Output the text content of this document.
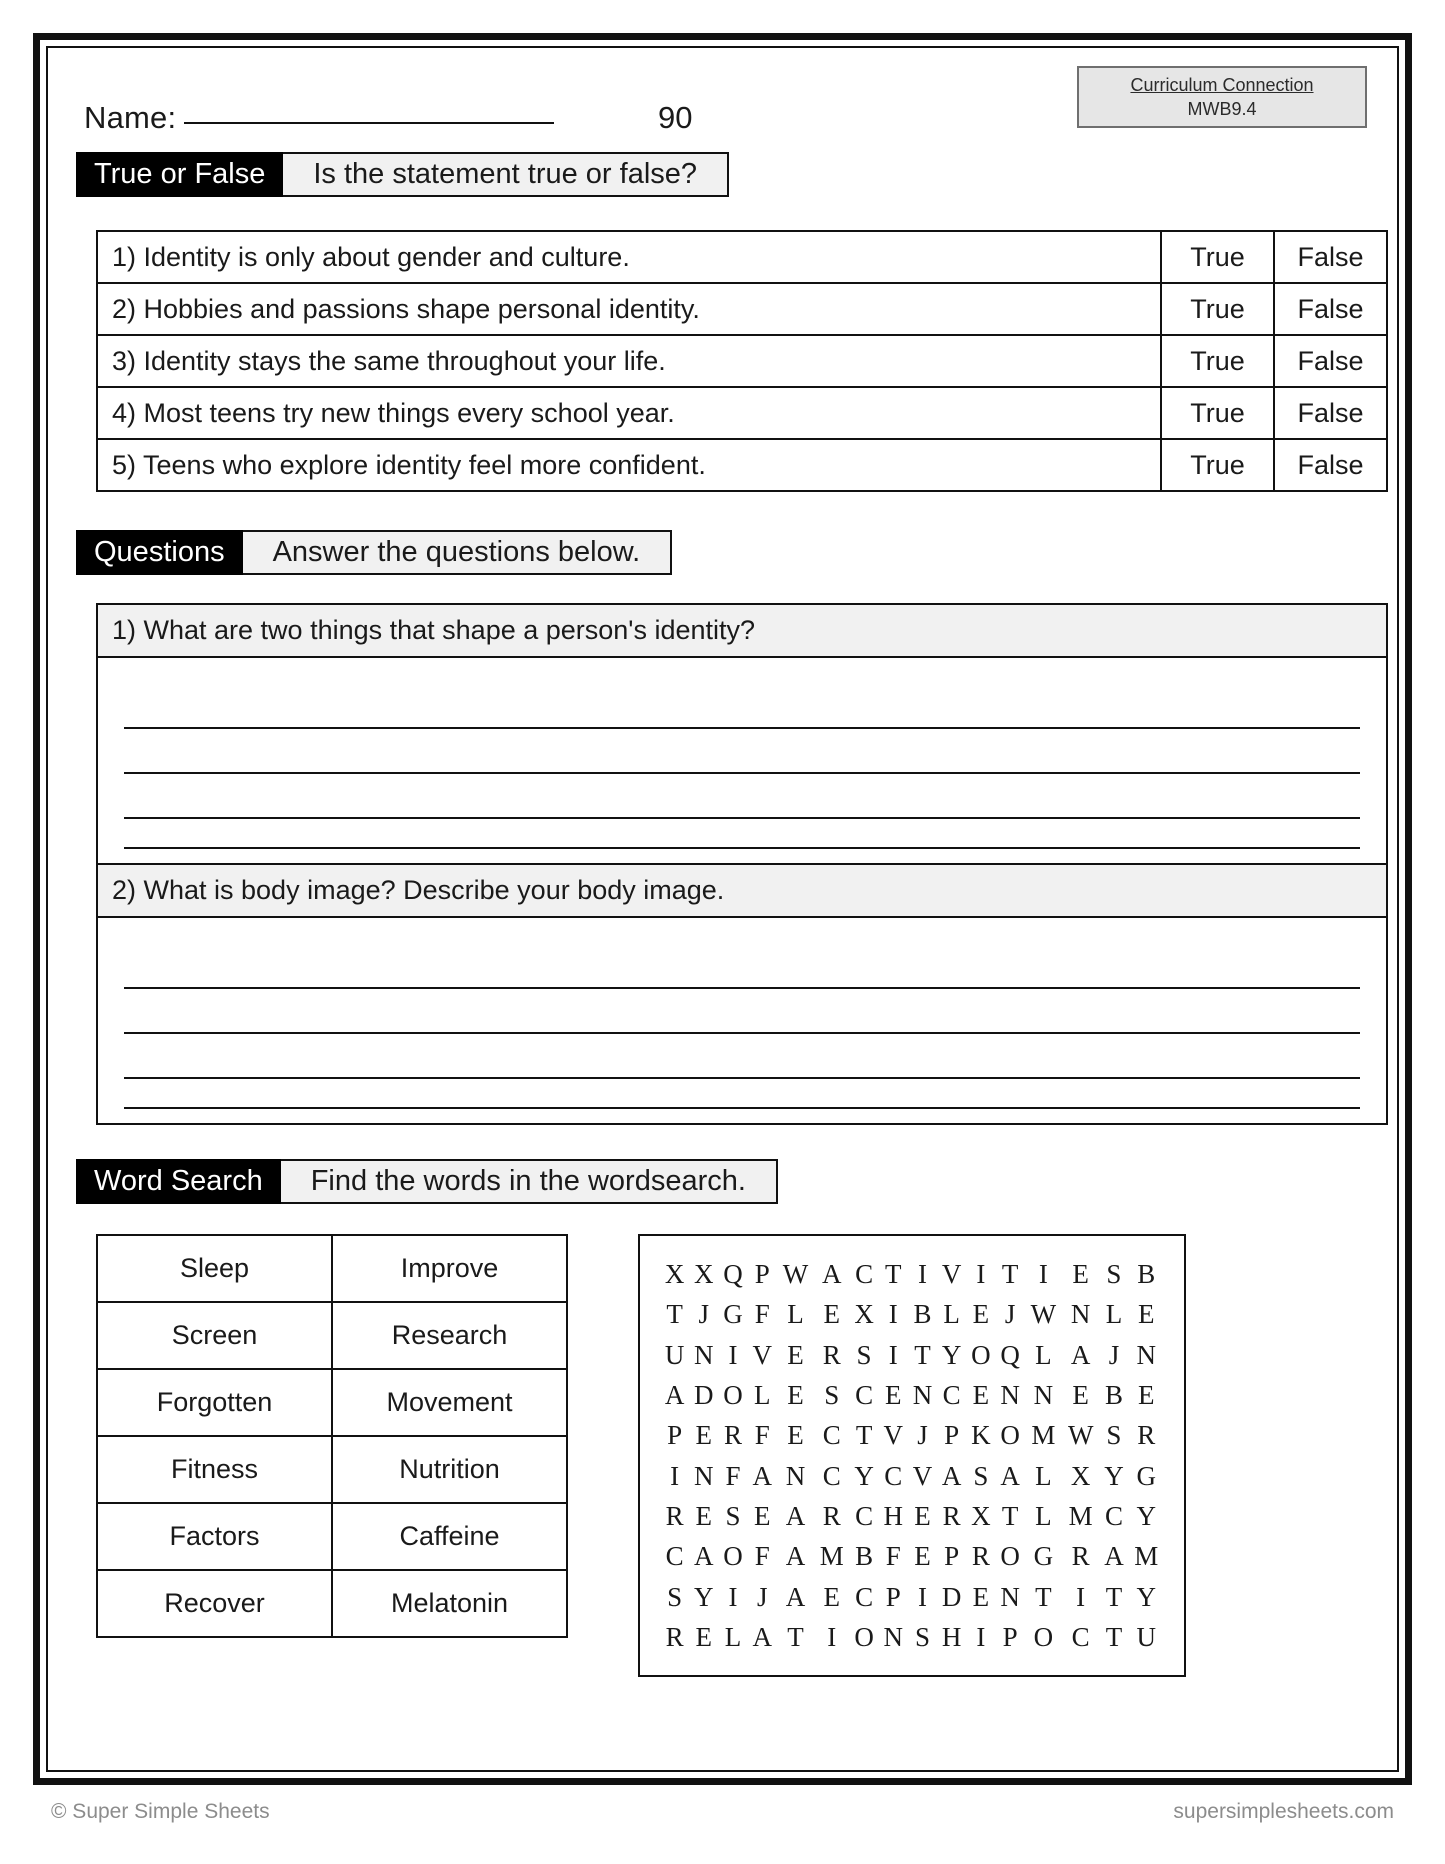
Name:	90
Curriculum Connection
MWB9.4
True or False	Is the statement true or false?
1) Identity is only about gender and culture.	True	False
2) Hobbies and passions shape personal identity.	True	False
3) Identity stays the same throughout your life.	True	False
4) Most teens try new things every school year.	True	False
5) Teens who explore identity feel more confident.	True	False
Questions	Answer the questions below.
1) What are two things that shape a person's identity?
2) What is body image? Describe your body image.
Word Search	Find the words in the wordsearch.
Sleep	Improve
Screen	Research
Forgotten	Movement
Fitness	Nutrition
Factors	Caffeine
Recover	Melatonin
X	X	Q	P	W	A	C	T	I	V	I	T	I	E	S	B
T	J	G	F	L	E	X	I	B	L	E	J	W	N	L	E
U	N	I	V	E	R	S	I	T	Y	O	Q	L	A	J	N
A	D	O	L	E	S	C	E	N	C	E	N	N	E	B	E
P	E	R	F	E	C	T	V	J	P	K	O	M	W	S	R
I	N	F	A	N	C	Y	C	V	A	S	A	L	X	Y	G
R	E	S	E	A	R	C	H	E	R	X	T	L	M	C	Y
C	A	O	F	A	M	B	F	E	P	R	O	G	R	A	M
S	Y	I	J	A	E	C	P	I	D	E	N	T	I	T	Y
R	E	L	A	T	I	O	N	S	H	I	P	O	C	T	U
© Super Simple Sheets	supersimplesheets.com
